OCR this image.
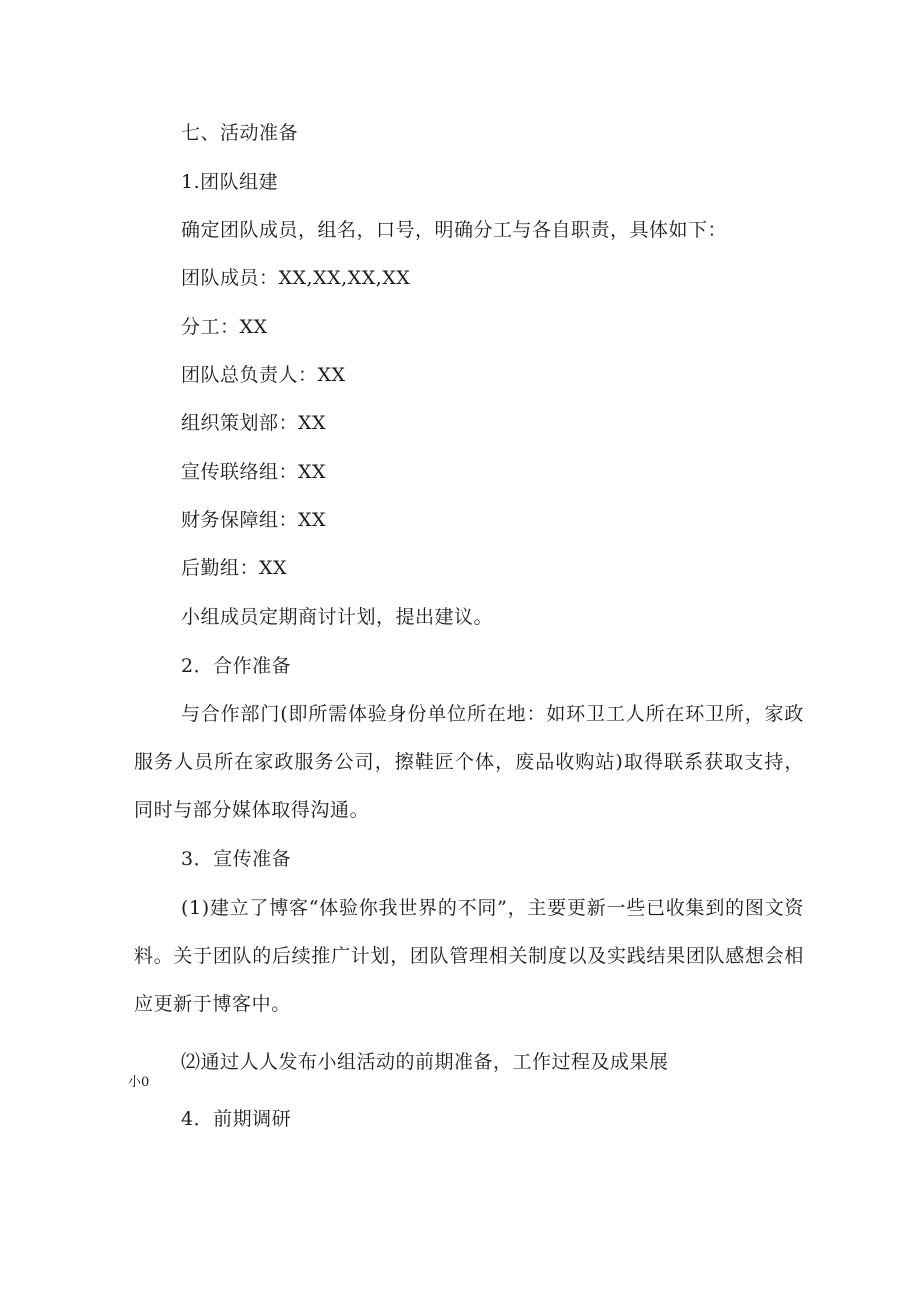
七、活动准备
1.团队组建
确定团队成员，组名，口号，明确分工与各自职责，具体如下：
团队成员：XX,XX,XX,XX
分工：XX
团队总负责人：XX
组织策划部：XX
宣传联络组：XX
财务保障组：XX
后勤组：XX
小组成员定期商讨计划，提出建议。
2．合作准备
与合作部门(即所需体验身份单位所在地：如环卫工人所在环卫所，家政服务人员所在家政服务公司，擦鞋匠个体，废品收购站)取得联系获取支持，同时与部分媒体取得沟通。
3．宣传准备
(1)建立了博客“体验你我世界的不同”，主要更新一些已收集到的图文资料。关于团队的后续推广计划，团队管理相关制度以及实践结果团队感想会相应更新于博客中。
⑵通过人人发布小组活动的前期准备，工作过程及成果展
小0
4．前期调研
